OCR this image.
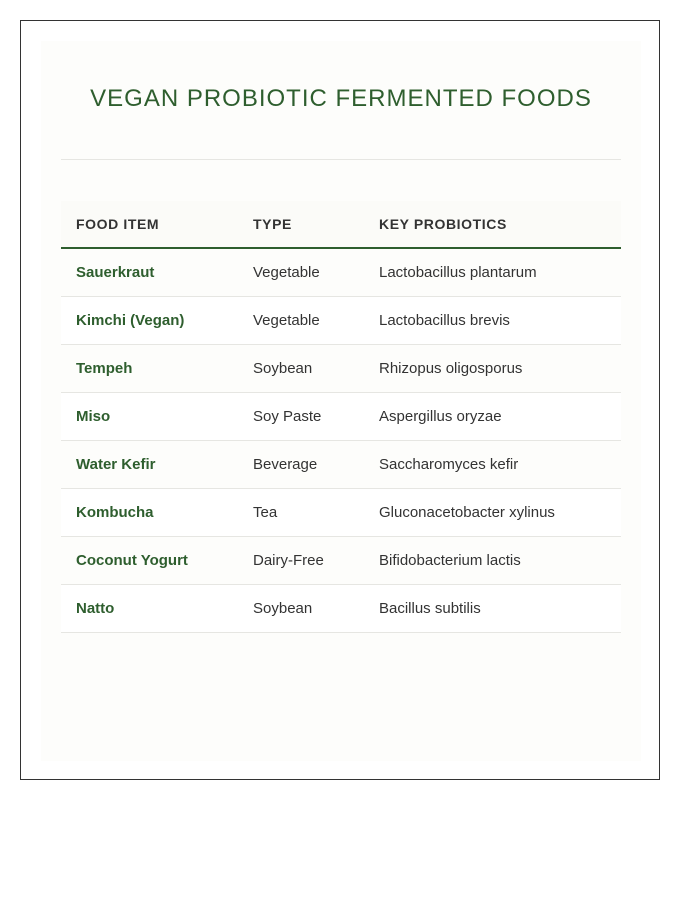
VEGAN PROBIOTIC FERMENTED FOODS
FOOD ITEM	TYPE	KEY PROBIOTICS
Sauerkraut	Vegetable	Lactobacillus plantarum
Kimchi (Vegan)	Vegetable	Lactobacillus brevis
Tempeh	Soybean	Rhizopus oligosporus
Miso	Soy Paste	Aspergillus oryzae
Water Kefir	Beverage	Saccharomyces kefir
Kombucha	Tea	Gluconacetobacter xylinus
Coconut Yogurt	Dairy-Free	Bifidobacterium lactis
Natto	Soybean	Bacillus subtilis
